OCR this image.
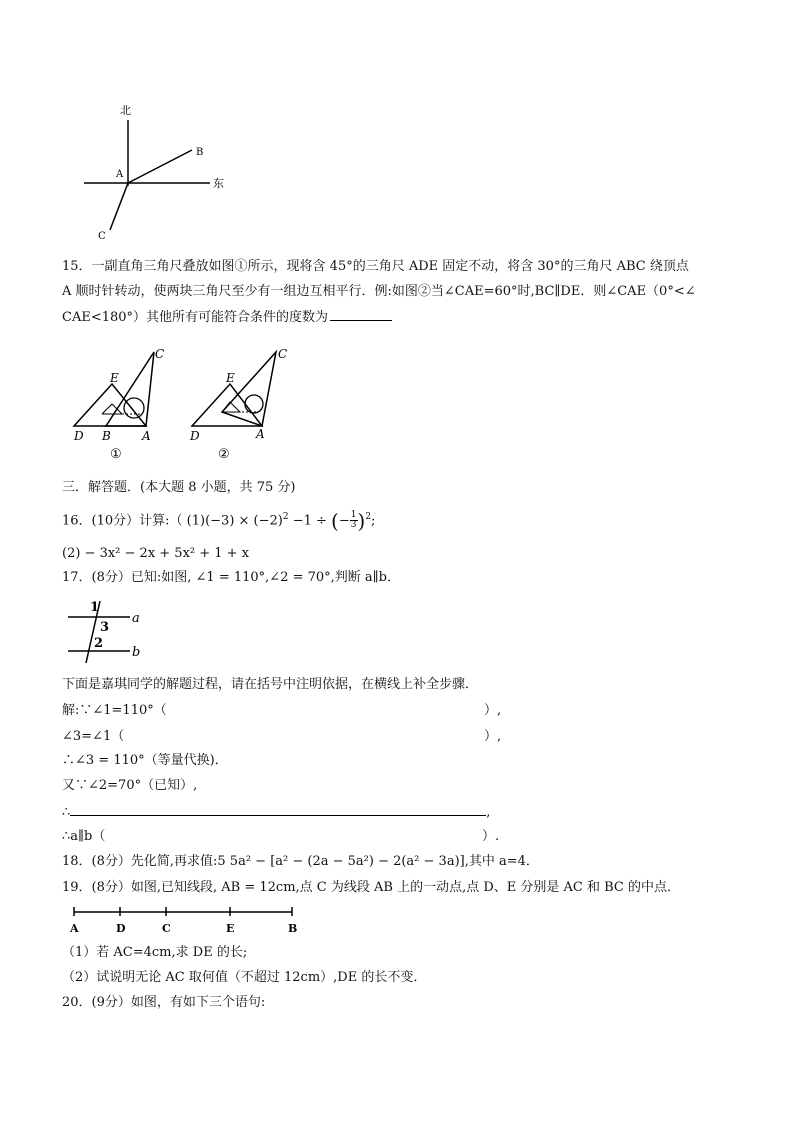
北
东
A
B
C
15．一副直角三角尺叠放如图①所示，现将含 45°的三角尺 ADE 固定不动，将含 30°的三角尺 ABC 绕顶点
A 顺时针转动，使两块三角尺至少有一组边互相平行．例:如图②当∠CAE=60°时,BC∥DE．则∠CAE（0°<∠
CAE<180°）其他所有可能符合条件的度数为
C
E
D B	A
①
C
E
D	A
②
三．解答题．(本大题 8 小题，共 75 分)
16．(10分）计算:（ $(1)(-3) \times (-2)^2 -1$ ÷ (− $\frac{1}{3} )^2$;
(2) − 3x² − 2x + 5x² + 1 + x
17．(8分）已知:如图, ∠1 = 110°,∠2 = 70°,判断 a∥b．
1
3
2
a
b
下面是嘉琪同学的解题过程，请在括号中注明依据，在横线上补全步骤．
解:∵∠1=110°（	）,
∠3=∠1（	）,
∴∠3 = 110°（等量代换)．
又∵∠2=70°（已知）,
∴	,
∴a∥b（	）.
18．(8分）先化简,再求值:5 5a² − [a² − (2a − 5a²) − 2(a² − 3a)],其中 a=4．
19．(8分）如图,已知线段, AB = 12cm,点 C 为线段 AB 上的一动点,点 D、E 分别是 AC 和 BC 的中点．
A	D	C	E	B
（1）若 AC=4cm,求 DE 的长;
（2）试说明无论 AC 取何值（不超过 12cm）,DE 的长不变．
20．(9分）如图，有如下三个语句:
